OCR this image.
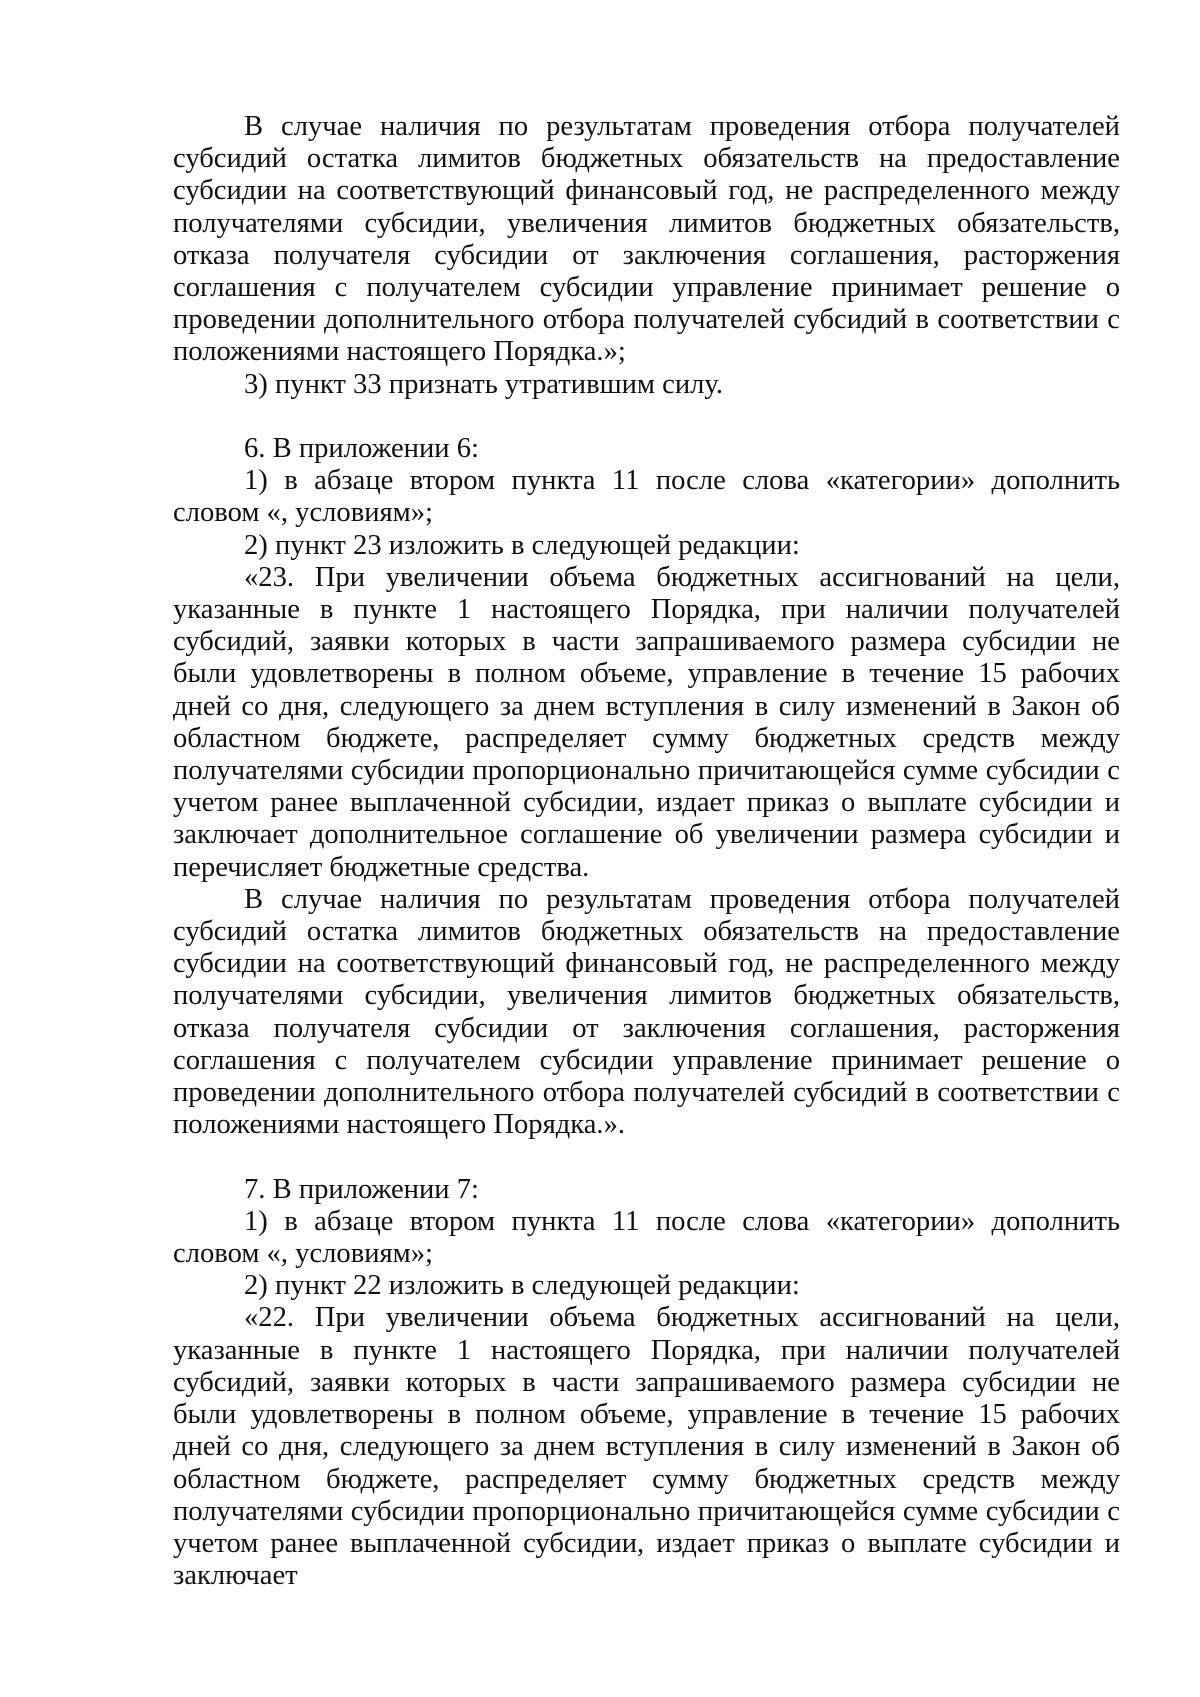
В случае наличия по результатам проведения отбора получателей субсидий остатка лимитов бюджетных обязательств на предоставление субсидии на соответствующий финансовый год, не распределенного между получателями субсидии, увеличения лимитов бюджетных обязательств, отказа получателя субсидии от заключения соглашения, расторжения соглашения с получателем субсидии управление принимает решение о проведении дополнительного отбора получателей субсидий в соответствии с положениями настоящего Порядка.»;

3) пункт 33 признать утратившим силу.

6. В приложении 6:

1) в абзаце втором пункта 11 после слова «категории» дополнить словом «, условиям»;

2) пункт 23 изложить в следующей редакции:

«23. При увеличении объема бюджетных ассигнований на цели, указанные в пункте 1 настоящего Порядка, при наличии получателей субсидий, заявки которых в части запрашиваемого размера субсидии не были удовлетворены в полном объеме, управление в течение 15 рабочих дней со дня, следующего за днем вступления в силу изменений в Закон об областном бюджете, распределяет сумму бюджетных средств между получателями субсидии пропорционально причитающейся сумме субсидии с учетом ранее выплаченной субсидии, издает приказ о выплате субсидии и заключает дополнительное соглашение об увеличении размера субсидии и перечисляет бюджетные средства.

В случае наличия по результатам проведения отбора получателей субсидий остатка лимитов бюджетных обязательств на предоставление субсидии на соответствующий финансовый год, не распределенного между получателями субсидии, увеличения лимитов бюджетных обязательств, отказа получателя субсидии от заключения соглашения, расторжения соглашения с получателем субсидии управление принимает решение о проведении дополнительного отбора получателей субсидий в соответствии с положениями настоящего Порядка.».

7. В приложении 7:

1) в абзаце втором пункта 11 после слова «категории» дополнить словом «, условиям»;

2) пункт 22 изложить в следующей редакции:

«22. При увеличении объема бюджетных ассигнований на цели, указанные в пункте 1 настоящего Порядка, при наличии получателей субсидий, заявки которых в части запрашиваемого размера субсидии не были удовлетворены в полном объеме, управление в течение 15 рабочих дней со дня, следующего за днем вступления в силу изменений в Закон об областном бюджете, распределяет сумму бюджетных средств между получателями субсидии пропорционально причитающейся сумме субсидии с учетом ранее выплаченной субсидии, издает приказ о выплате субсидии и заключает
